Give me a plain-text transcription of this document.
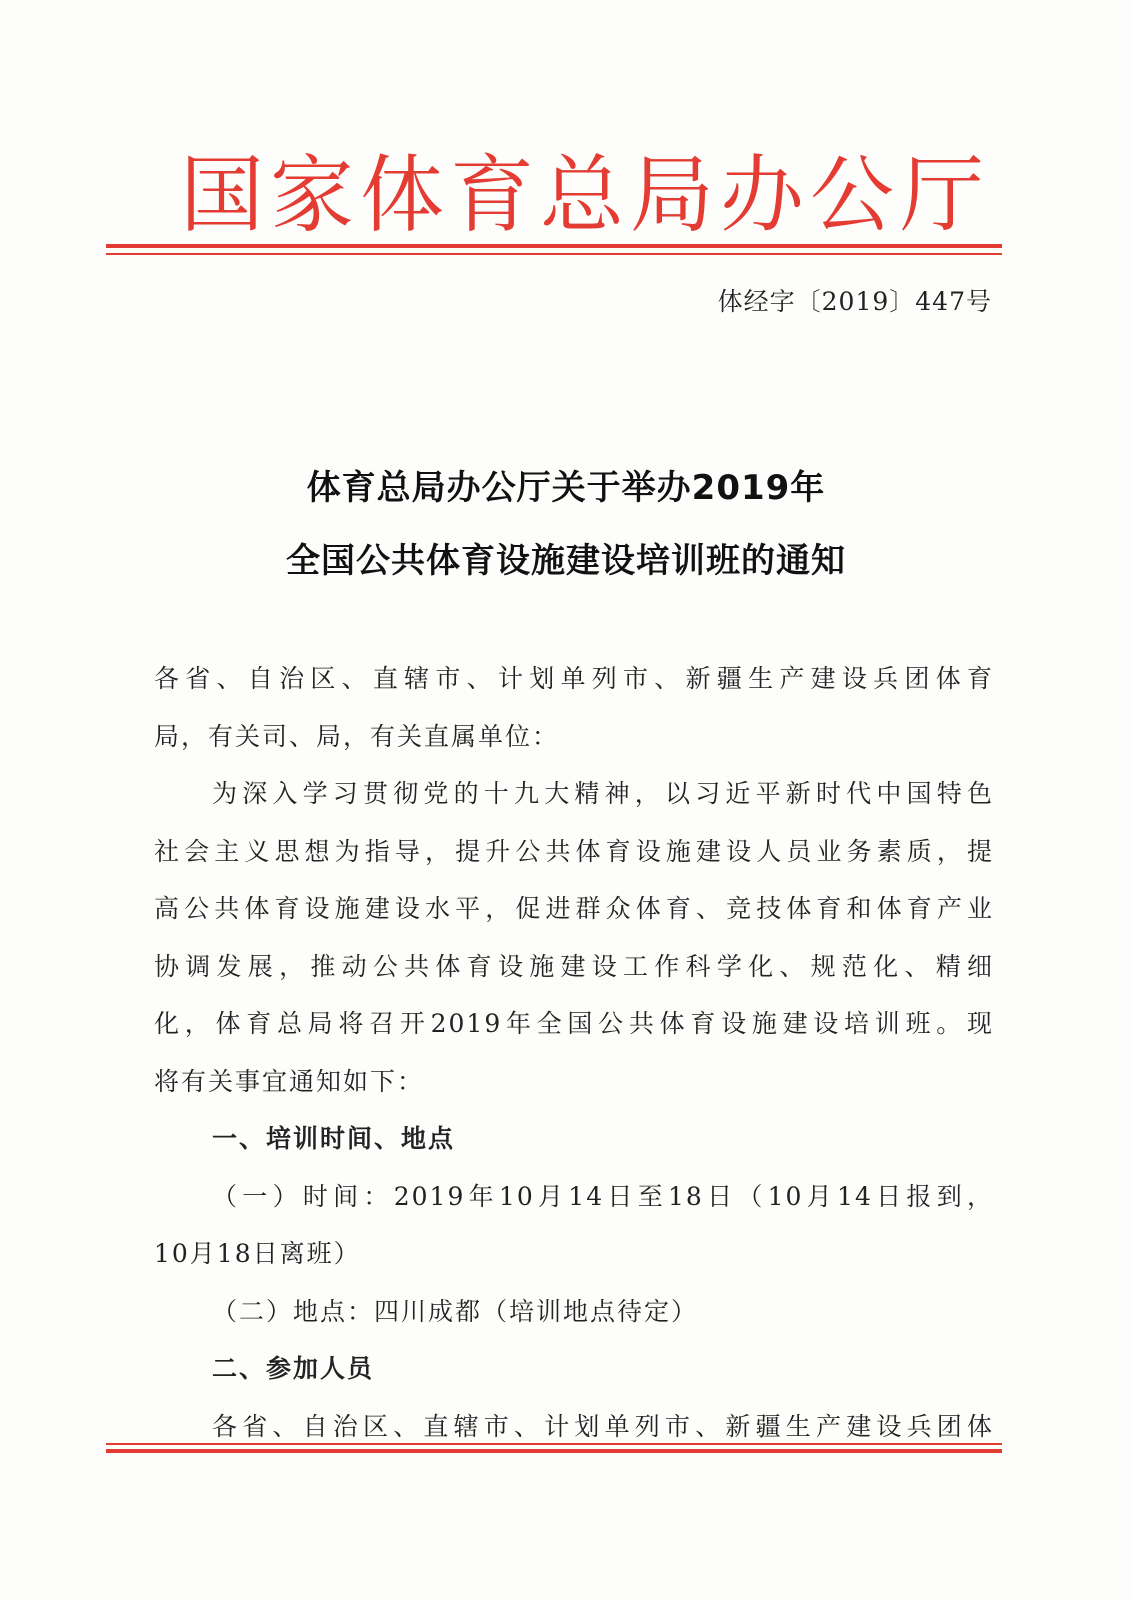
国家体育总局办公厅
体经字〔2019〕447号
体育总局办公厅关于举办2019年
全国公共体育设施建设培训班的通知
各省、自治区、直辖市、计划单列市、新疆生产建设兵团体育
局，有关司、局，有关直属单位：
为深入学习贯彻党的十九大精神，以习近平新时代中国特色
社会主义思想为指导，提升公共体育设施建设人员业务素质，提
高公共体育设施建设水平，促进群众体育、竞技体育和体育产业
协调发展，推动公共体育设施建设工作科学化、规范化、精细
化，体育总局将召开2019年全国公共体育设施建设培训班。现
将有关事宜通知如下：
一、培训时间、地点
（一）时间：2019年10月14日至18日（10月14日报到，
10月18日离班）
（二）地点：四川成都（培训地点待定）
二、参加人员
各省、自治区、直辖市、计划单列市、新疆生产建设兵团体
